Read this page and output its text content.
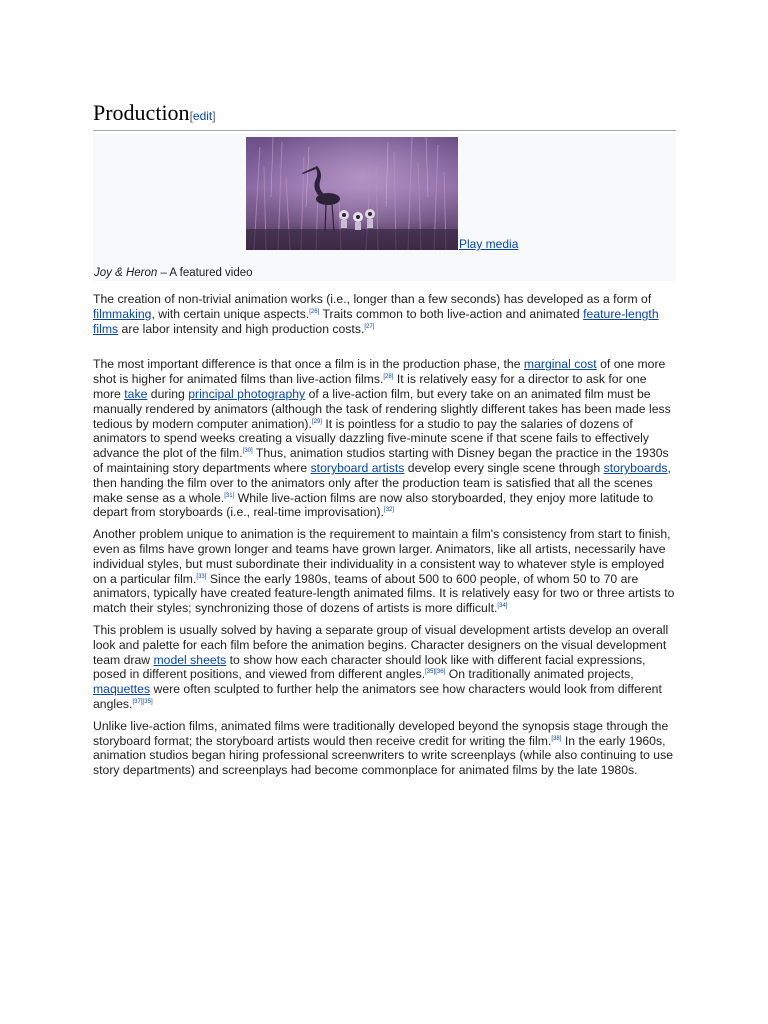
Production[edit]
Play media
Joy & Heron – A featured video

The creation of non-trivial animation works (i.e., longer than a few seconds) has developed as a form of filmmaking, with certain unique aspects.[26] Traits common to both live-action and animated feature-length films are labor intensity and high production costs.[27]

The most important difference is that once a film is in the production phase, the marginal cost of one more shot is higher for animated films than live-action films.[28] It is relatively easy for a director to ask for one more take during principal photography of a live-action film, but every take on an animated film must be manually rendered by animators (although the task of rendering slightly different takes has been made less tedious by modern computer animation).[29] It is pointless for a studio to pay the salaries of dozens of animators to spend weeks creating a visually dazzling five-minute scene if that scene fails to effectively advance the plot of the film.[30] Thus, animation studios starting with Disney began the practice in the 1930s of maintaining story departments where storyboard artists develop every single scene through storyboards, then handing the film over to the animators only after the production team is satisfied that all the scenes make sense as a whole.[31] While live-action films are now also storyboarded, they enjoy more latitude to depart from storyboards (i.e., real-time improvisation).[32]

Another problem unique to animation is the requirement to maintain a film's consistency from start to finish, even as films have grown longer and teams have grown larger. Animators, like all artists, necessarily have individual styles, but must subordinate their individuality in a consistent way to whatever style is employed on a particular film.[33] Since the early 1980s, teams of about 500 to 600 people, of whom 50 to 70 are animators, typically have created feature-length animated films. It is relatively easy for two or three artists to match their styles; synchronizing those of dozens of artists is more difficult.[34]

This problem is usually solved by having a separate group of visual development artists develop an overall look and palette for each film before the animation begins. Character designers on the visual development team draw model sheets to show how each character should look like with different facial expressions, posed in different positions, and viewed from different angles.[35][36] On traditionally animated projects, maquettes were often sculpted to further help the animators see how characters would look from different angles.[37][35]

Unlike live-action films, animated films were traditionally developed beyond the synopsis stage through the storyboard format; the storyboard artists would then receive credit for writing the film.[38] In the early 1960s, animation studios began hiring professional screenwriters to write screenplays (while also continuing to use story departments) and screenplays had become commonplace for animated films by the late 1980s.
